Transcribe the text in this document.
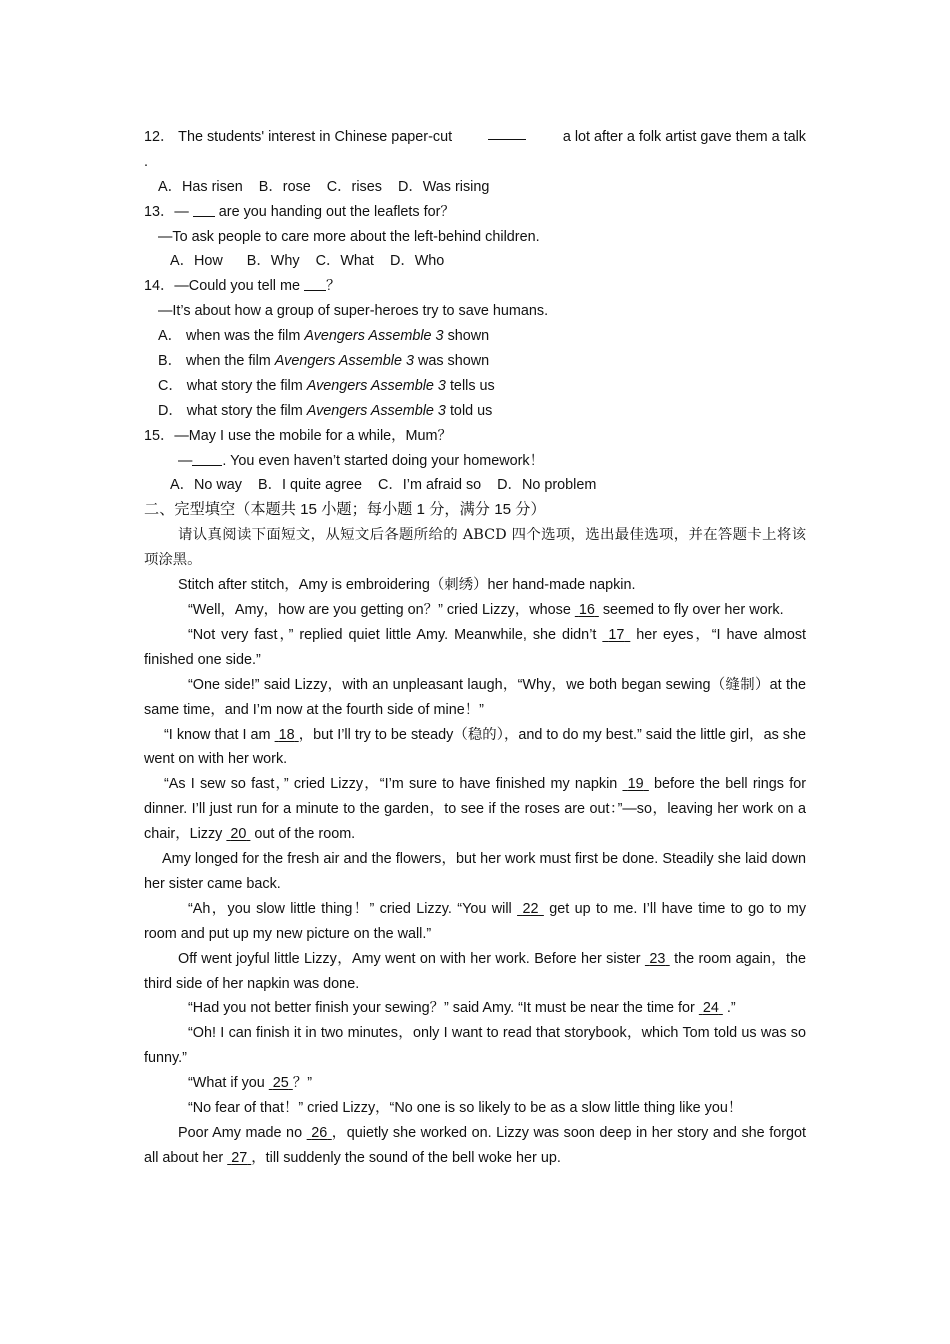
12． The students' interest in Chinese paper-cut	a lot after a folk artist gave them a talk
.
A．Has risen B．rose C．rises D．Was rising
13．— are you handing out the leaflets for？
—To ask people to care more about the left-behind children.
A．How B．Why C．What D．Who
14．—Could you tell me ？
—It’s about how a group of super-heroes try to save humans.
A． when was the film Avengers Assemble 3 shown
B． when the film Avengers Assemble 3 was shown
C． what story the film Avengers Assemble 3 tells us
D． what story the film Avengers Assemble 3 told us
15．—May I use the mobile for a while，Mum？
— . You even haven’t started doing your homework！
A．No way B．I quite agree C．I’m afraid so D．No problem
二、完型填空（本题共 15 小题；每小题 1 分，满分 15 分）
请认真阅读下面短文，从短文后各题所给的 ABCD 四个选项，选出最佳选项，并在答题卡上将该项涂黑。
Stitch after stitch，Amy is embroidering（刺绣）her hand-made napkin.
“Well，Amy，how are you getting on？” cried Lizzy，whose 16 seemed to fly over her work.
“Not very fast，” replied quiet little Amy. Meanwhile, she didn’t 17 her eyes，“I have almost finished one side.”
“One side!” said Lizzy，with an unpleasant laugh，“Why，we both began sewing（缝制）at the same time，and I’m now at the fourth side of mine！”
“I know that I am 18 ，but I’ll try to be steady（稳的），and to do my best.” said the little girl，as she went on with her work.
“As I sew so fast，” cried Lizzy，“I’m sure to have finished my napkin 19 before the bell rings for dinner. I’ll just run for a minute to the garden，to see if the roses are out：”—so，leaving her work on a chair，Lizzy 20 out of the room.
Amy longed for the fresh air and the flowers，but her work must first be done. Steadily she laid down her sister came back.
“Ah，you slow little thing！” cried Lizzy. “You will 22 get up to me. I’ll have time to go to my room and put up my new picture on the wall.”
Off went joyful little Lizzy，Amy went on with her work. Before her sister 23 the room again，the third side of her napkin was done.
“Had you not better finish your sewing？” said Amy. “It must be near the time for 24 .”
“Oh! I can finish it in two minutes，only I want to read that storybook，which Tom told us was so funny.”
“What if you 25 ？”
“No fear of that！” cried Lizzy，“No one is so likely to be as a slow little thing like you！
Poor Amy made no 26 ，quietly she worked on. Lizzy was soon deep in her story and she forgot all about her 27 ，till suddenly the sound of the bell woke her up.
